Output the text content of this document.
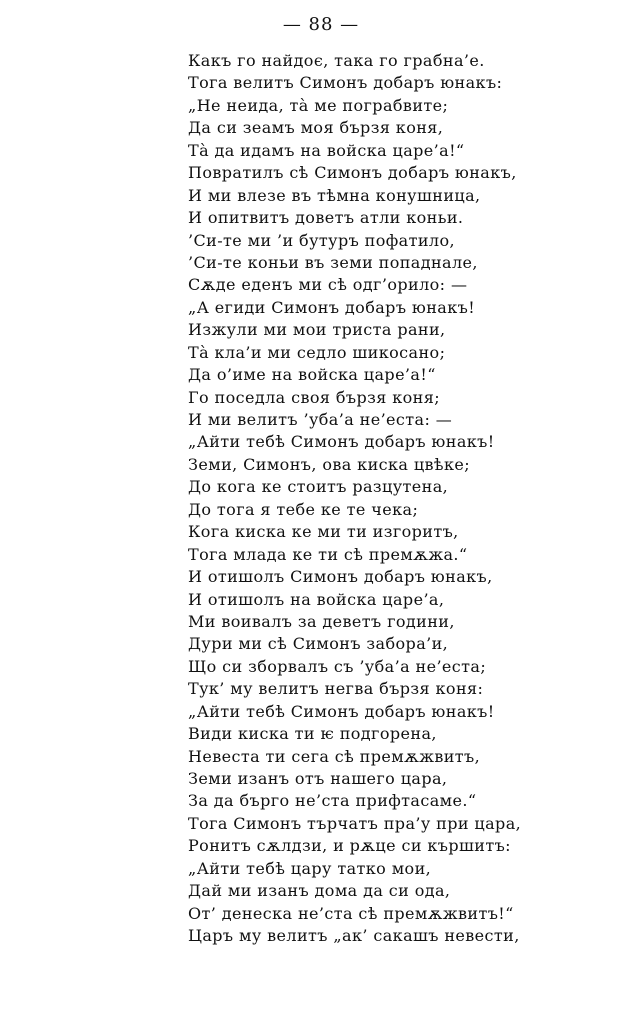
— 88 —
Какъ го найдоє, така го грабна’е.
Тога велитъ Симонъ добаръ юнакъ:
„Не неида, та̀ ме пограбвите;
Да си зеамъ моя бързя коня,
Та̀ да идамъ на войска царе’а!“
Повратилъ сѣ Симонъ добаръ юнакъ,
И ми влезе въ тѣмна конушница,
И опитвитъ доветъ атли коньи.
’Си-те ми ’и бутуръ пофатило,
’Си-те коньи въ земи попаднале,
Сѫде еденъ ми сѣ одг’орило: —
„А егиди Симонъ добаръ юнакъ!
Изжули ми мои триста рани,
Та̀ кла’и ми седло шикосано;
Да о’име на войска царе’а!“
Го поседла своя бързя коня;
И ми велитъ ’уба’а не’еста: —
„Айти тебѣ Симонъ добаръ юнакъ!
Земи, Симонъ, ова киска цвѣке;
До кога ке стоитъ разцутена,
До тога я тебе ке те чека;
Кога киска ке ми ти изгоритъ,
Тога млада ке ти сѣ премѫжа.“
И отишолъ Симонъ добаръ юнакъ,
И отишолъ на войска царе’а,
Ми воивалъ за деветъ години,
Дури ми сѣ Симонъ забора’и,
Що си зборвалъ съ ’уба’а не’еста;
Тук’ му велитъ негва бързя коня:
„Айти тебѣ Симонъ добаръ юнакъ!
Види киска ти ѥ подгорена,
Невеста ти сега сѣ премѫжвитъ,
Земи изанъ отъ нашего цара,
За да бърго не’ста прифтасаме.“
Тога Симонъ търчатъ пра’у при цара,
Ронитъ сѫлдзи, и рѫце си кършитъ:
„Айти тебѣ цару татко мои,
Дай ми изанъ дома да си ода,
От’ денеска не’ста сѣ премѫжвитъ!“
Царъ му велитъ „ак’ сакашъ невести,
